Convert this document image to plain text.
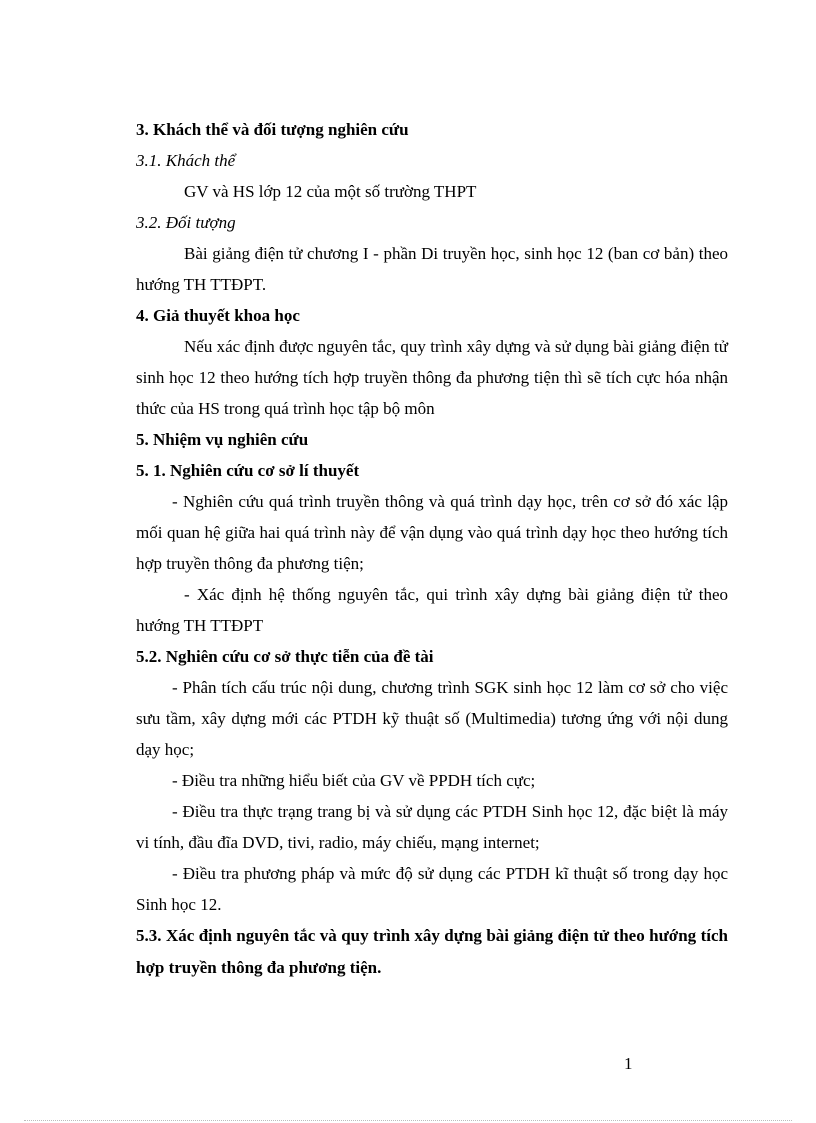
3. Khách thể và đối tượng nghiên cứu

3.1. Khách thể

GV và HS lớp 12 của một số trường THPT

3.2. Đối tượng

Bài giảng điện tử chương I - phần Di truyền học, sinh học 12 (ban cơ bản) theo hướng TH TTĐPT.

4. Giả thuyết khoa học

Nếu xác định được nguyên tắc, quy trình xây dựng và sử dụng bài giảng điện tử sinh học 12 theo hướng tích hợp truyền thông đa phương tiện thì sẽ tích cực hóa nhận thức của HS trong quá trình học tập bộ môn

5. Nhiệm vụ nghiên cứu

5. 1. Nghiên cứu cơ sở lí thuyết

- Nghiên cứu quá trình truyền thông và quá trình dạy học, trên cơ sở đó xác lập mối quan hệ giữa hai quá trình này để vận dụng vào quá trình dạy học theo hướng tích hợp truyền thông đa phương tiện;

- Xác định hệ thống nguyên tắc, qui trình xây dựng bài giảng điện tử theo hướng TH TTĐPT

5.2. Nghiên cứu cơ sở thực tiễn của đề tài

- Phân tích cấu trúc nội dung, chương trình SGK sinh học 12 làm cơ sở cho việc sưu tầm, xây dựng mới các PTDH kỹ thuật số (Multimedia) tương ứng với nội dung dạy học;

- Điều tra những hiểu biết của GV về PPDH tích cực;

- Điều tra thực trạng trang bị và sử dụng các PTDH Sinh học 12, đặc biệt là máy vi tính, đầu đĩa DVD, tivi, radio, máy chiếu, mạng internet;

- Điều tra phương pháp và mức độ sử dụng các PTDH kĩ thuật số trong dạy học Sinh học 12.

5.3. Xác định nguyên tắc và quy trình xây dựng bài giảng điện tử theo hướng tích hợp truyền thông đa phương tiện.

1
